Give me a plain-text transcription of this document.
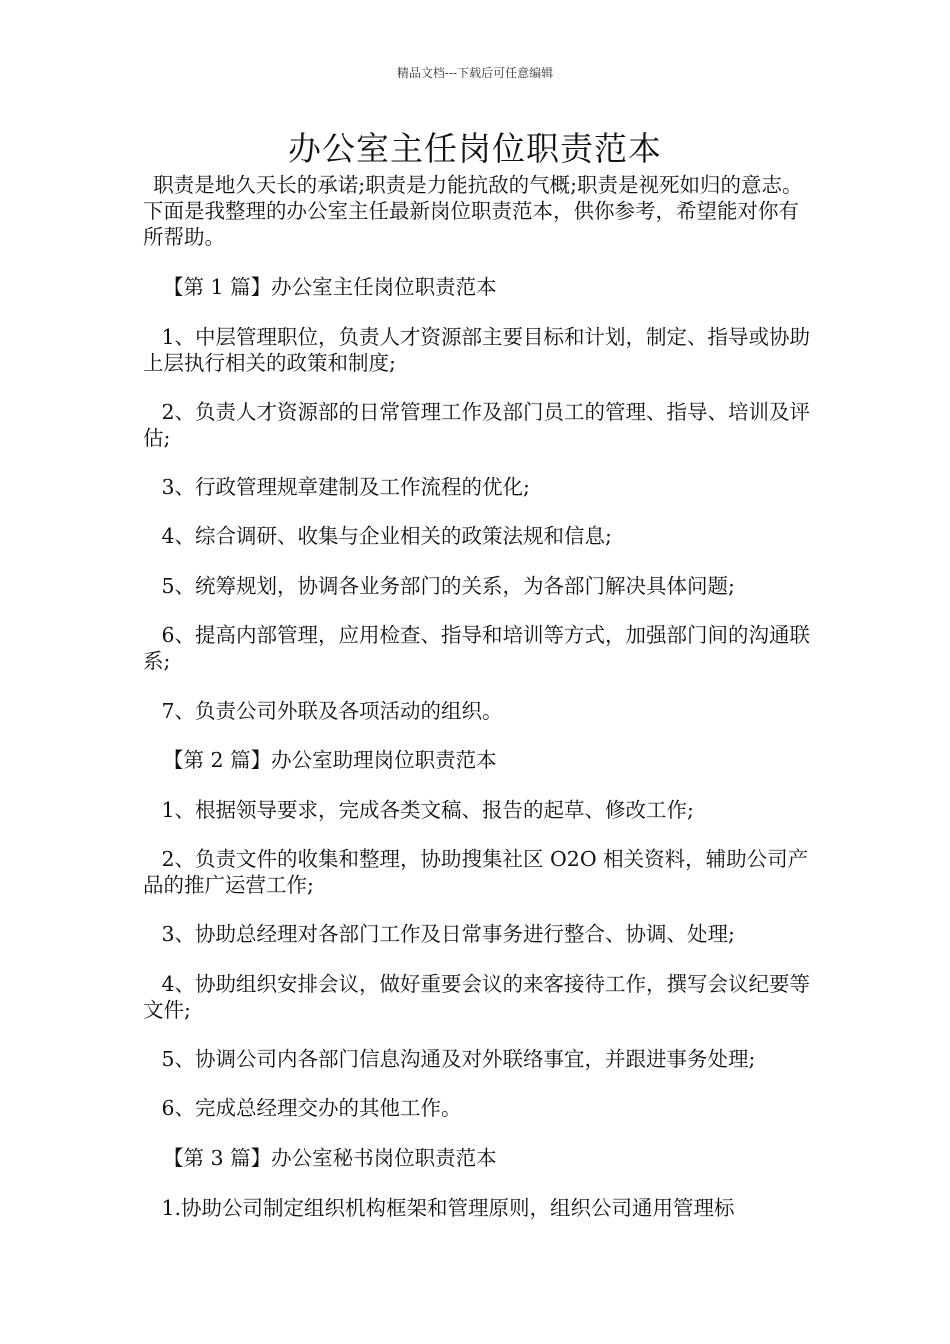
精品文档---下载后可任意编辑
办公室主任岗位职责范本

职责是地久天长的承诺;职责是力能抗敌的气概;职责是视死如归的意志。下面是我整理的办公室主任最新岗位职责范本，供你参考，希望能对你有所帮助。

【第 1 篇】办公室主任岗位职责范本

1、中层管理职位，负责人才资源部主要目标和计划，制定、指导或协助上层执行相关的政策和制度;

2、负责人才资源部的日常管理工作及部门员工的管理、指导、培训及评估;

3、行政管理规章建制及工作流程的优化;

4、综合调研、收集与企业相关的政策法规和信息;

5、统筹规划，协调各业务部门的关系，为各部门解决具体问题;

6、提高内部管理，应用检查、指导和培训等方式，加强部门间的沟通联系;

7、负责公司外联及各项活动的组织。

【第 2 篇】办公室助理岗位职责范本

1、根据领导要求，完成各类文稿、报告的起草、修改工作;

2、负责文件的收集和整理，协助搜集社区 O2O 相关资料，辅助公司产品的推广运营工作;

3、协助总经理对各部门工作及日常事务进行整合、协调、处理;

4、协助组织安排会议，做好重要会议的来客接待工作，撰写会议纪要等文件;

5、协调公司内各部门信息沟通及对外联络事宜，并跟进事务处理;

6、完成总经理交办的其他工作。

【第 3 篇】办公室秘书岗位职责范本

1.协助公司制定组织机构框架和管理原则，组织公司通用管理标
